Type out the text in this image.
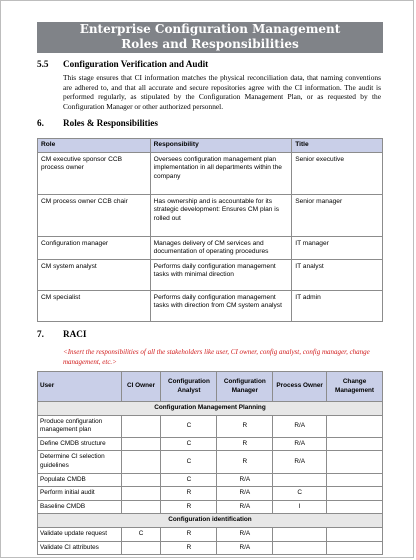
Enterprise Configuration Management
Roles and Responsibilities
5.5 Configuration Verification and Audit
This stage ensures that CI information matches the physical reconciliation data, that naming conventions are adhered to, and that all accurate and secure repositories agree with the CI information. The audit is performed regularly, as stipulated by the Configuration Management Plan, or as requested by the Configuration Manager or other authorized personnel.
6. Roles & Responsibilities
Role	Responsibility	Title
CM executive sponsor CCB process owner	Oversees configuration management plan implementation in all departments within the company	Senior executive
CM process owner CCB chair	Has ownership and is accountable for its strategic development: Ensures CM plan is rolled out	Senior manager
Configuration manager	Manages delivery of CM services and documentation of operating procedures	IT manager
CM system analyst	Performs daily configuration management tasks with minimal direction	IT analyst
CM specialist	Performs daily configuration management tasks with direction from CM system analyst	IT admin
7. RACI
<Insert the responsibilities of all the stakeholders like user, CI owner, config analyst, config manager, change management, etc.>
User	CI Owner	Configuration Analyst	Configuration Manager	Process Owner	Change Management
Configuration Management Planning					
Produce configuration management plan		C	R	R/A	
Define CMDB structure		C	R	R/A	
Determine CI selection guidelines		C	R	R/A	
Populate CMDB		C	R/A		
Perform initial audit		R	R/A	C	
Baseline CMDB		R	R/A	I	
Configuration identification					
Validate update request	C	R	R/A		
Validate CI attributes		R	R/A		
